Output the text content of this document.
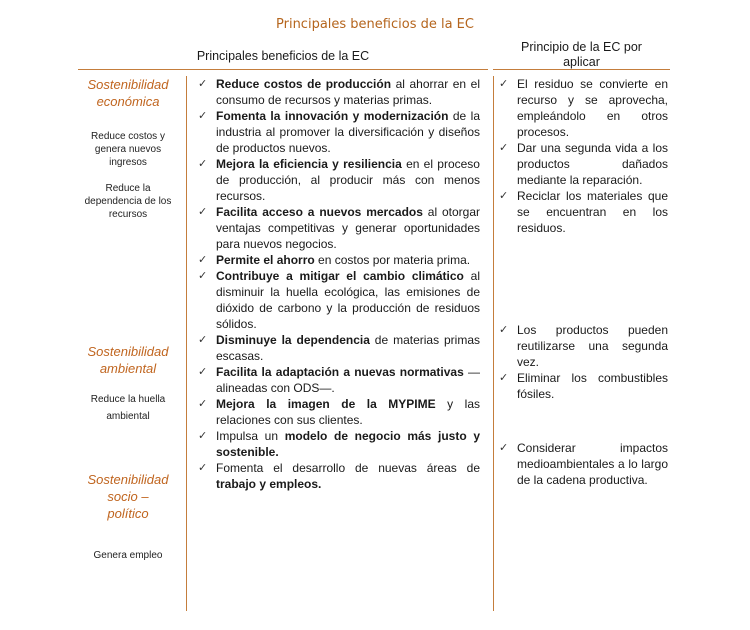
Principales beneficios de la EC
Principales beneficios de la EC
Principio de la EC por
aplicar
Sostenibilidad
económica
Reduce costos y
genera nuevos
ingresos
Reduce la
dependencia de los
recursos
Sostenibilidad
ambiental
Reduce la huella
ambiental
Sostenibilidad
socio –
político
Genera empleo
✓ Reduce costos de producción al ahorrar en el consumo de recursos y materias primas.
✓ Fomenta la innovación y modernización de la industria al promover la diversificación y diseños de productos nuevos.
✓ Mejora la eficiencia y resiliencia en el proceso de producción, al producir más con menos recursos.
✓ Facilita acceso a nuevos mercados al otorgar ventajas competitivas y generar oportunidades para nuevos negocios.
✓ Permite el ahorro en costos por materia prima.
✓ Contribuye a mitigar el cambio climático al disminuir la huella ecológica, las emisiones de dióxido de carbono y la producción de residuos sólidos.
✓ Disminuye la dependencia de materias primas escasas.
✓ Facilita la adaptación a nuevas normativas —alineadas con ODS—.
✓ Mejora la imagen de la MYPIME y las relaciones con sus clientes.
✓ Impulsa un modelo de negocio más justo y sostenible.
✓ Fomenta el desarrollo de nuevas áreas de trabajo y empleos.
✓ El residuo se convierte en recurso y se aprovecha, empleándolo en otros procesos.
✓ Dar una segunda vida a los productos dañados mediante la reparación.
✓ Reciclar los materiales que se encuentran en los residuos.
✓ Los productos pueden reutilizarse una segunda vez.
✓ Eliminar los combustibles fósiles.
✓ Considerar impactos medioambientales a lo largo de la cadena productiva.
